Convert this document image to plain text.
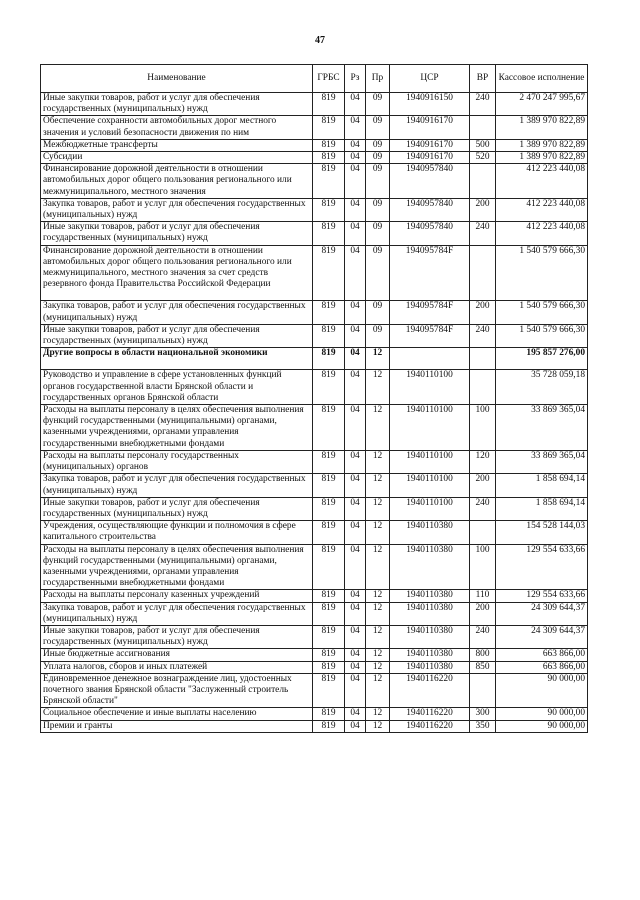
47
Наименование	ГРБС	Рз	Пр	ЦСР	ВР	Кассовое исполнение
Иные закупки товаров, работ и услуг для обеспечения государственных (муниципальных) нужд	819	04	09	1940916150	240	2 470 247 995,67
Обеспечение сохранности автомобильных дорог местного значения и условий безопасности движения по ним	819	04	09	1940916170		1 389 970 822,89
Межбюджетные трансферты	819	04	09	1940916170	500	1 389 970 822,89
Субсидии	819	04	09	1940916170	520	1 389 970 822,89
Финансирование дорожной деятельности в отношении автомобильных дорог общего пользования регионального или межмуниципального, местного значения	819	04	09	1940957840		412 223 440,08
Закупка товаров, работ и услуг для обеспечения государственных (муниципальных) нужд	819	04	09	1940957840	200	412 223 440,08
Иные закупки товаров, работ и услуг для обеспечения государственных (муниципальных) нужд	819	04	09	1940957840	240	412 223 440,08
Финансирование дорожной деятельности в отношении автомобильных дорог общего пользования регионального или межмуниципального, местного значения за счет средств резервного фонда Правительства Российской Федерации	819	04	09	194095784F		1 540 579 666,30
Закупка товаров, работ и услуг для обеспечения государственных (муниципальных) нужд	819	04	09	194095784F	200	1 540 579 666,30
Иные закупки товаров, работ и услуг для обеспечения государственных (муниципальных) нужд	819	04	09	194095784F	240	1 540 579 666,30
Другие вопросы в области национальной экономики	819	04	12			195 857 276,00
Руководство и управление в сфере установленных функций органов государственной власти Брянской области и государственных органов Брянской области	819	04	12	1940110100		35 728 059,18
Расходы на выплаты персоналу в целях обеспечения выполнения функций государственными (муниципальными) органами, казенными учреждениями, органами управления государственными внебюджетными фондами	819	04	12	1940110100	100	33 869 365,04
Расходы на выплаты персоналу государственных (муниципальных) органов	819	04	12	1940110100	120	33 869 365,04
Закупка товаров, работ и услуг для обеспечения государственных (муниципальных) нужд	819	04	12	1940110100	200	1 858 694,14
Иные закупки товаров, работ и услуг для обеспечения государственных (муниципальных) нужд	819	04	12	1940110100	240	1 858 694,14
Учреждения, осуществляющие функции и полномочия в сфере капитального строительства	819	04	12	1940110380		154 528 144,03
Расходы на выплаты персоналу в целях обеспечения выполнения функций государственными (муниципальными) органами, казенными учреждениями, органами управления государственными внебюджетными фондами	819	04	12	1940110380	100	129 554 633,66
Расходы на выплаты персоналу казенных учреждений	819	04	12	1940110380	110	129 554 633,66
Закупка товаров, работ и услуг для обеспечения государственных (муниципальных) нужд	819	04	12	1940110380	200	24 309 644,37
Иные закупки товаров, работ и услуг для обеспечения государственных (муниципальных) нужд	819	04	12	1940110380	240	24 309 644,37
Иные бюджетные ассигнования	819	04	12	1940110380	800	663 866,00
Уплата налогов, сборов и иных платежей	819	04	12	1940110380	850	663 866,00
Единовременное денежное вознаграждение лиц, удостоенных почетного звания Брянской области "Заслуженный строитель Брянской области"	819	04	12	1940116220		90 000,00
Социальное обеспечение и иные выплаты населению	819	04	12	1940116220	300	90 000,00
Премии и гранты	819	04	12	1940116220	350	90 000,00
